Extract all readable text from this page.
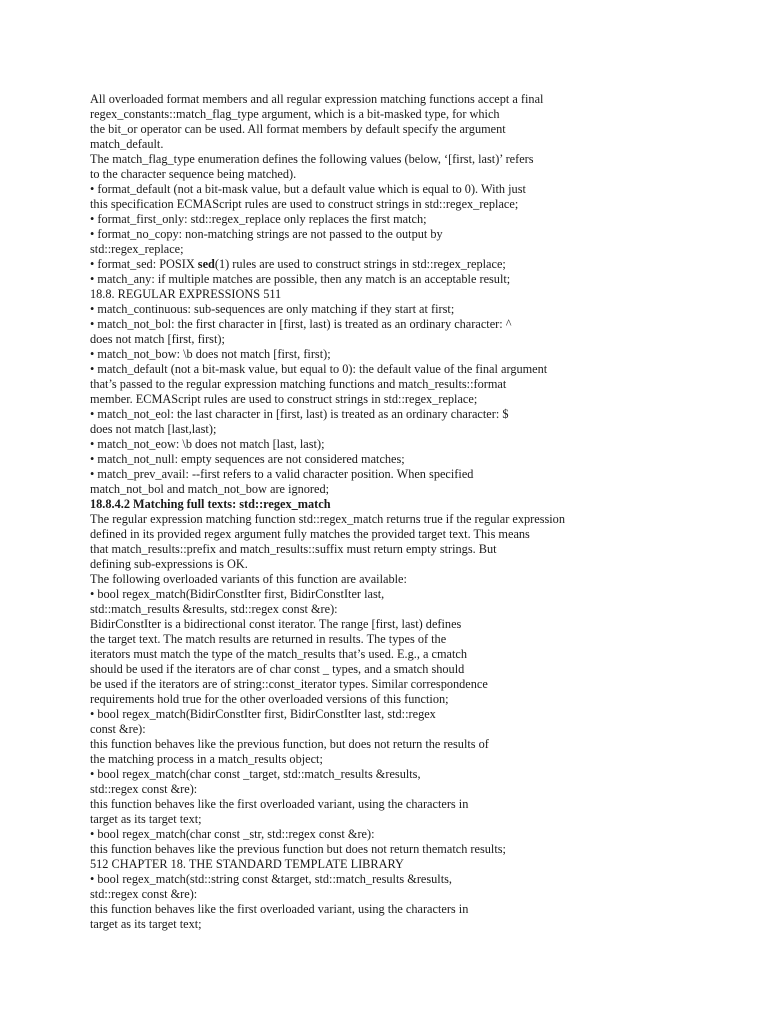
All overloaded format members and all regular expression matching functions accept a final
regex_constants::match_flag_type argument, which is a bit-masked type, for which
the bit_or operator can be used. All format members by default specify the argument
match_default.
The match_flag_type enumeration defines the following values (below, ‘[first, last)’ refers
to the character sequence being matched).
• format_default (not a bit-mask value, but a default value which is equal to 0). With just
this specification ECMAScript rules are used to construct strings in std::regex_replace;
• format_first_only: std::regex_replace only replaces the first match;
• format_no_copy: non-matching strings are not passed to the output by
std::regex_replace;
• format_sed: POSIX sed(1) rules are used to construct strings in std::regex_replace;
• match_any: if multiple matches are possible, then any match is an acceptable result;
18.8. REGULAR EXPRESSIONS 511
• match_continuous: sub-sequences are only matching if they start at first;
• match_not_bol: the first character in [first, last) is treated as an ordinary character: ^
does not match [first, first);
• match_not_bow: \b does not match [first, first);
• match_default (not a bit-mask value, but equal to 0): the default value of the final argument
that’s passed to the regular expression matching functions and match_results::format
member. ECMAScript rules are used to construct strings in std::regex_replace;
• match_not_eol: the last character in [first, last) is treated as an ordinary character: $
does not match [last,last);
• match_not_eow: \b does not match [last, last);
• match_not_null: empty sequences are not considered matches;
• match_prev_avail: --first refers to a valid character position. When specified
match_not_bol and match_not_bow are ignored;
18.8.4.2 Matching full texts: std::regex_match
The regular expression matching function std::regex_match returns true if the regular expression
defined in its provided regex argument fully matches the provided target text. This means
that match_results::prefix and match_results::suffix must return empty strings. But
defining sub-expressions is OK.
The following overloaded variants of this function are available:
• bool regex_match(BidirConstIter first, BidirConstIter last,
std::match_results &results, std::regex const &re):
BidirConstIter is a bidirectional const iterator. The range [first, last) defines
the target text. The match results are returned in results. The types of the
iterators must match the type of the match_results that’s used. E.g., a cmatch
should be used if the iterators are of char const _ types, and a smatch should
be used if the iterators are of string::const_iterator types. Similar correspondence
requirements hold true for the other overloaded versions of this function;
• bool regex_match(BidirConstIter first, BidirConstIter last, std::regex
const &re):
this function behaves like the previous function, but does not return the results of
the matching process in a match_results object;
• bool regex_match(char const _target, std::match_results &results,
std::regex const &re):
this function behaves like the first overloaded variant, using the characters in
target as its target text;
• bool regex_match(char const _str, std::regex const &re):
this function behaves like the previous function but does not return thematch results;
512 CHAPTER 18. THE STANDARD TEMPLATE LIBRARY
• bool regex_match(std::string const &target, std::match_results &results,
std::regex const &re):
this function behaves like the first overloaded variant, using the characters in
target as its target text;
